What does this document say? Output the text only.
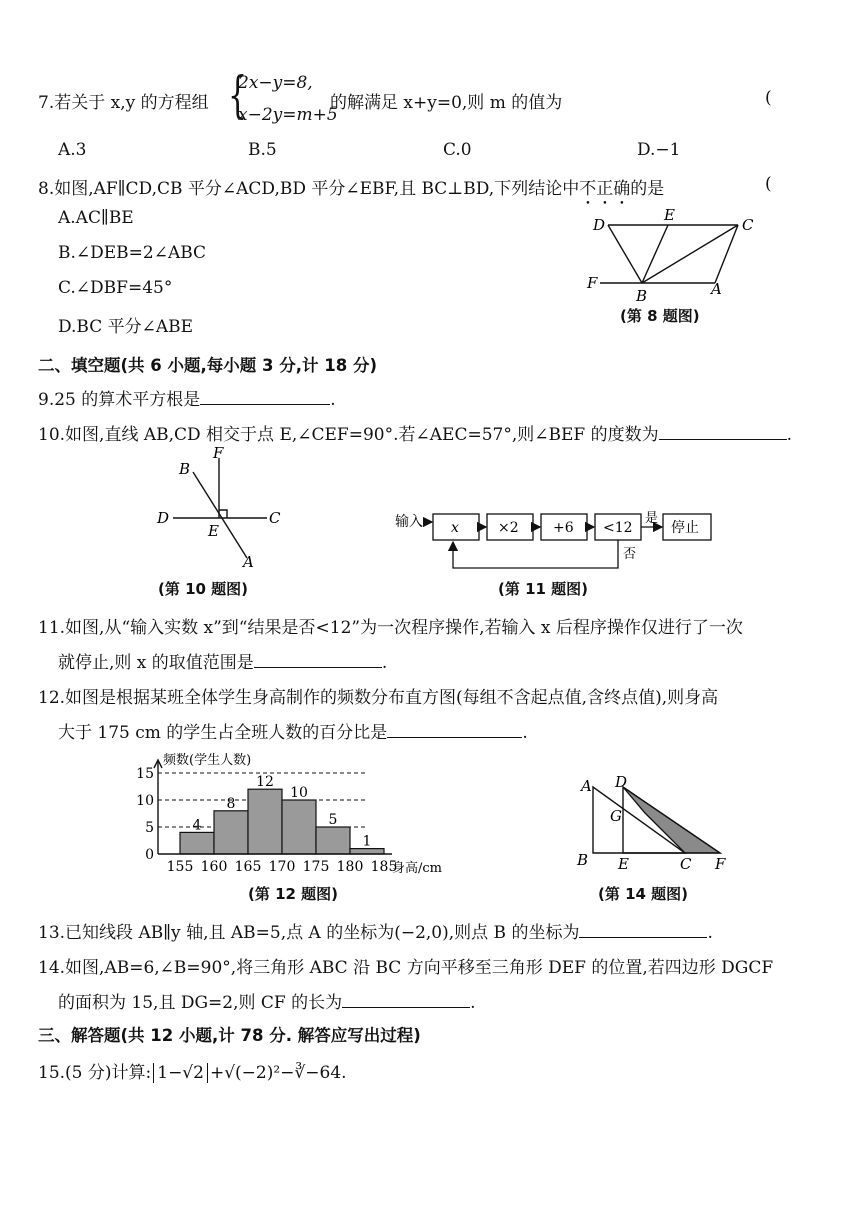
7.若关于 x,y 的方程组 {
2x−y=8,
x−2y=m+5
的解满足 x+y=0,则 m 的值为	(
A.3	B.5	C.0	D.−1
8.如图,AF∥CD,CB 平分∠ACD,BD 平分∠EBF,且 BC⊥BD,下列结论中不正确的是	(
A.AC∥BE
B.∠DEB=2∠ABC
C.∠DBF=45°
D.BC 平分∠ABE
D
E
C
F
B	A
(第 8 题图)
二、填空题(共 6 小题,每小题 3 分,计 18 分)
9.25 的算术平方根是	.
10.如图,直线 AB,CD 相交于点 E,∠CEF=90°.若∠AEC=57°,则∠BEF 的度数为	.
B
F
D
E
C
A
(第 10 题图)
输入 x	×2 +6 <12
是
停止
否
(第 11 题图)
11.如图,从“输入实数 x”到“结果是否<12”为一次程序操作,若输入 x 后程序操作仅进行了一次
就停止,则 x 的取值范围是	.
12.如图是根据某班全体学生身高制作的频数分布直方图(每组不含起点值,含终点值),则身高
大于 175 cm 的学生占全班人数的百分比是	.
0
5
10
15
4
8
12
10
5
1
155 160 165 170 175 180 185
频数(学生人数)
身高/cm
(第 12 题图)
A D
G
B E	C F
(第 14 题图)
13.已知线段 AB∥y 轴,且 AB=5,点 A 的坐标为(−2,0),则点 B 的坐标为	.
14.如图,AB=6,∠B=90°,将三角形 ABC 沿 BC 方向平移至三角形 DEF 的位置,若四边形 DGCF
的面积为 15,且 DG=2,则 CF 的长为	.
三、解答题(共 12 小题,计 78 分. 解答应写出过程)
15.(5 分)计算: 1−√2 +√(−2)²−∛−64.
